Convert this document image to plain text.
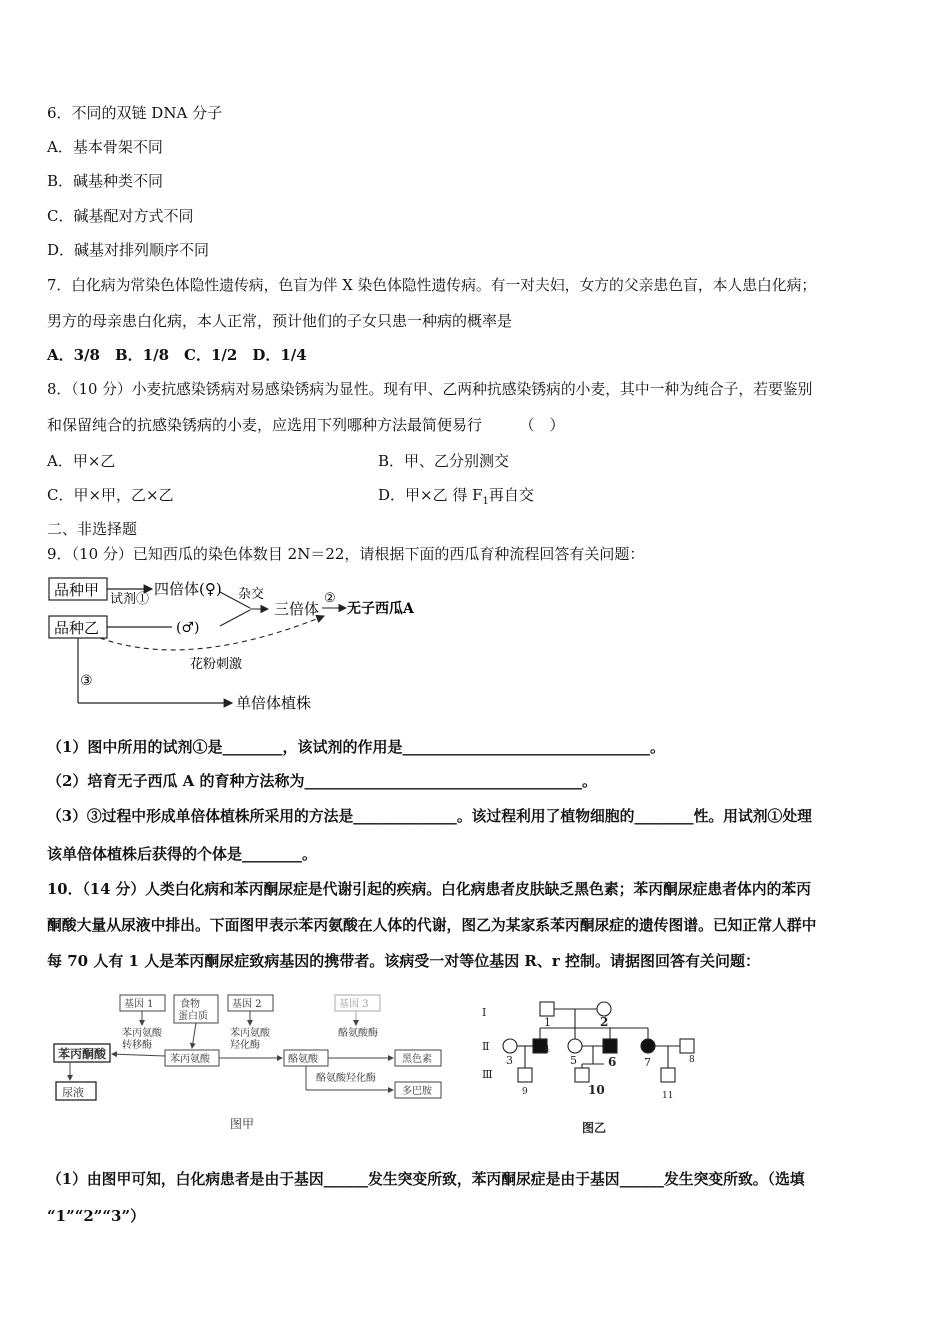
6．不同的双链 DNA 分子
A．基本骨架不同
B．碱基种类不同
C．碱基配对方式不同
D．碱基对排列顺序不同
7．白化病为常染色体隐性遗传病，色盲为伴 X 染色体隐性遗传病。有一对夫妇，女方的父亲患色盲，本人患白化病；
男方的母亲患白化病，本人正常，预计他们的子女只患一种病的概率是
A．3/8　B．1/8　C．1/2　D．1/4
8．（10 分）小麦抗感染锈病对易感染锈病为显性。现有甲、乙两种抗感染锈病的小麦，其中一种为纯合子，若要鉴别
和保留纯合的抗感染锈病的小麦，应选用下列哪种方法最简便易行　　　（　）
A．甲×乙	B．甲、乙分别测交
C．甲×甲，乙×乙	D．甲×乙 得 $F_1$再自交
二、非选择题
9．（10 分）已知西瓜的染色体数目 2N＝22，请根据下面的西瓜育种流程回答有关问题：
品种甲
品种乙
试剂①
四倍体(♀)
(♂)
杂交
三倍体
②
无子西瓜A
花粉刺激
③
单倍体植株
（1）图中所用的试剂①是________，该试剂的作用是_________________________________。
（2）培育无子西瓜 A 的育种方法称为_____________________________________。
（3）③过程中形成单倍体植株所采用的方法是______________。该过程利用了植物细胞的________性。用试剂①处理
该单倍体植株后获得的个体是________。
10．（14 分）人类白化病和苯丙酮尿症是代谢引起的疾病。白化病患者皮肤缺乏黑色素；苯丙酮尿症患者体内的苯丙
酮酸大量从尿液中排出。下面图甲表示苯丙氨酸在人体的代谢，图乙为某家系苯丙酮尿症的遗传图谱。已知正常人群中
每 70 人有 1 人是苯丙酮尿症致病基因的携带者。该病受一对等位基因 R、r 控制。请据图回答有关问题：
基因 1	食物
蛋白质
基因 2	基因 3
苯丙氨酸
转移酶
苯丙氨酸
羟化酶
酪氨酸酶
苯丙酮酸	苯丙氨酸	酪氨酸	黑色素
尿液
酪氨酸羟化酶
多巴胺
图甲
Ⅰ
Ⅱ
Ⅲ
1	2
3
4
5	6	7	8
9	10	11
图乙
（1）由图甲可知，白化病患者是由于基因______发生突变所致，苯丙酮尿症是由于基因______发生突变所致。（选填
“1”“2”“3”）
